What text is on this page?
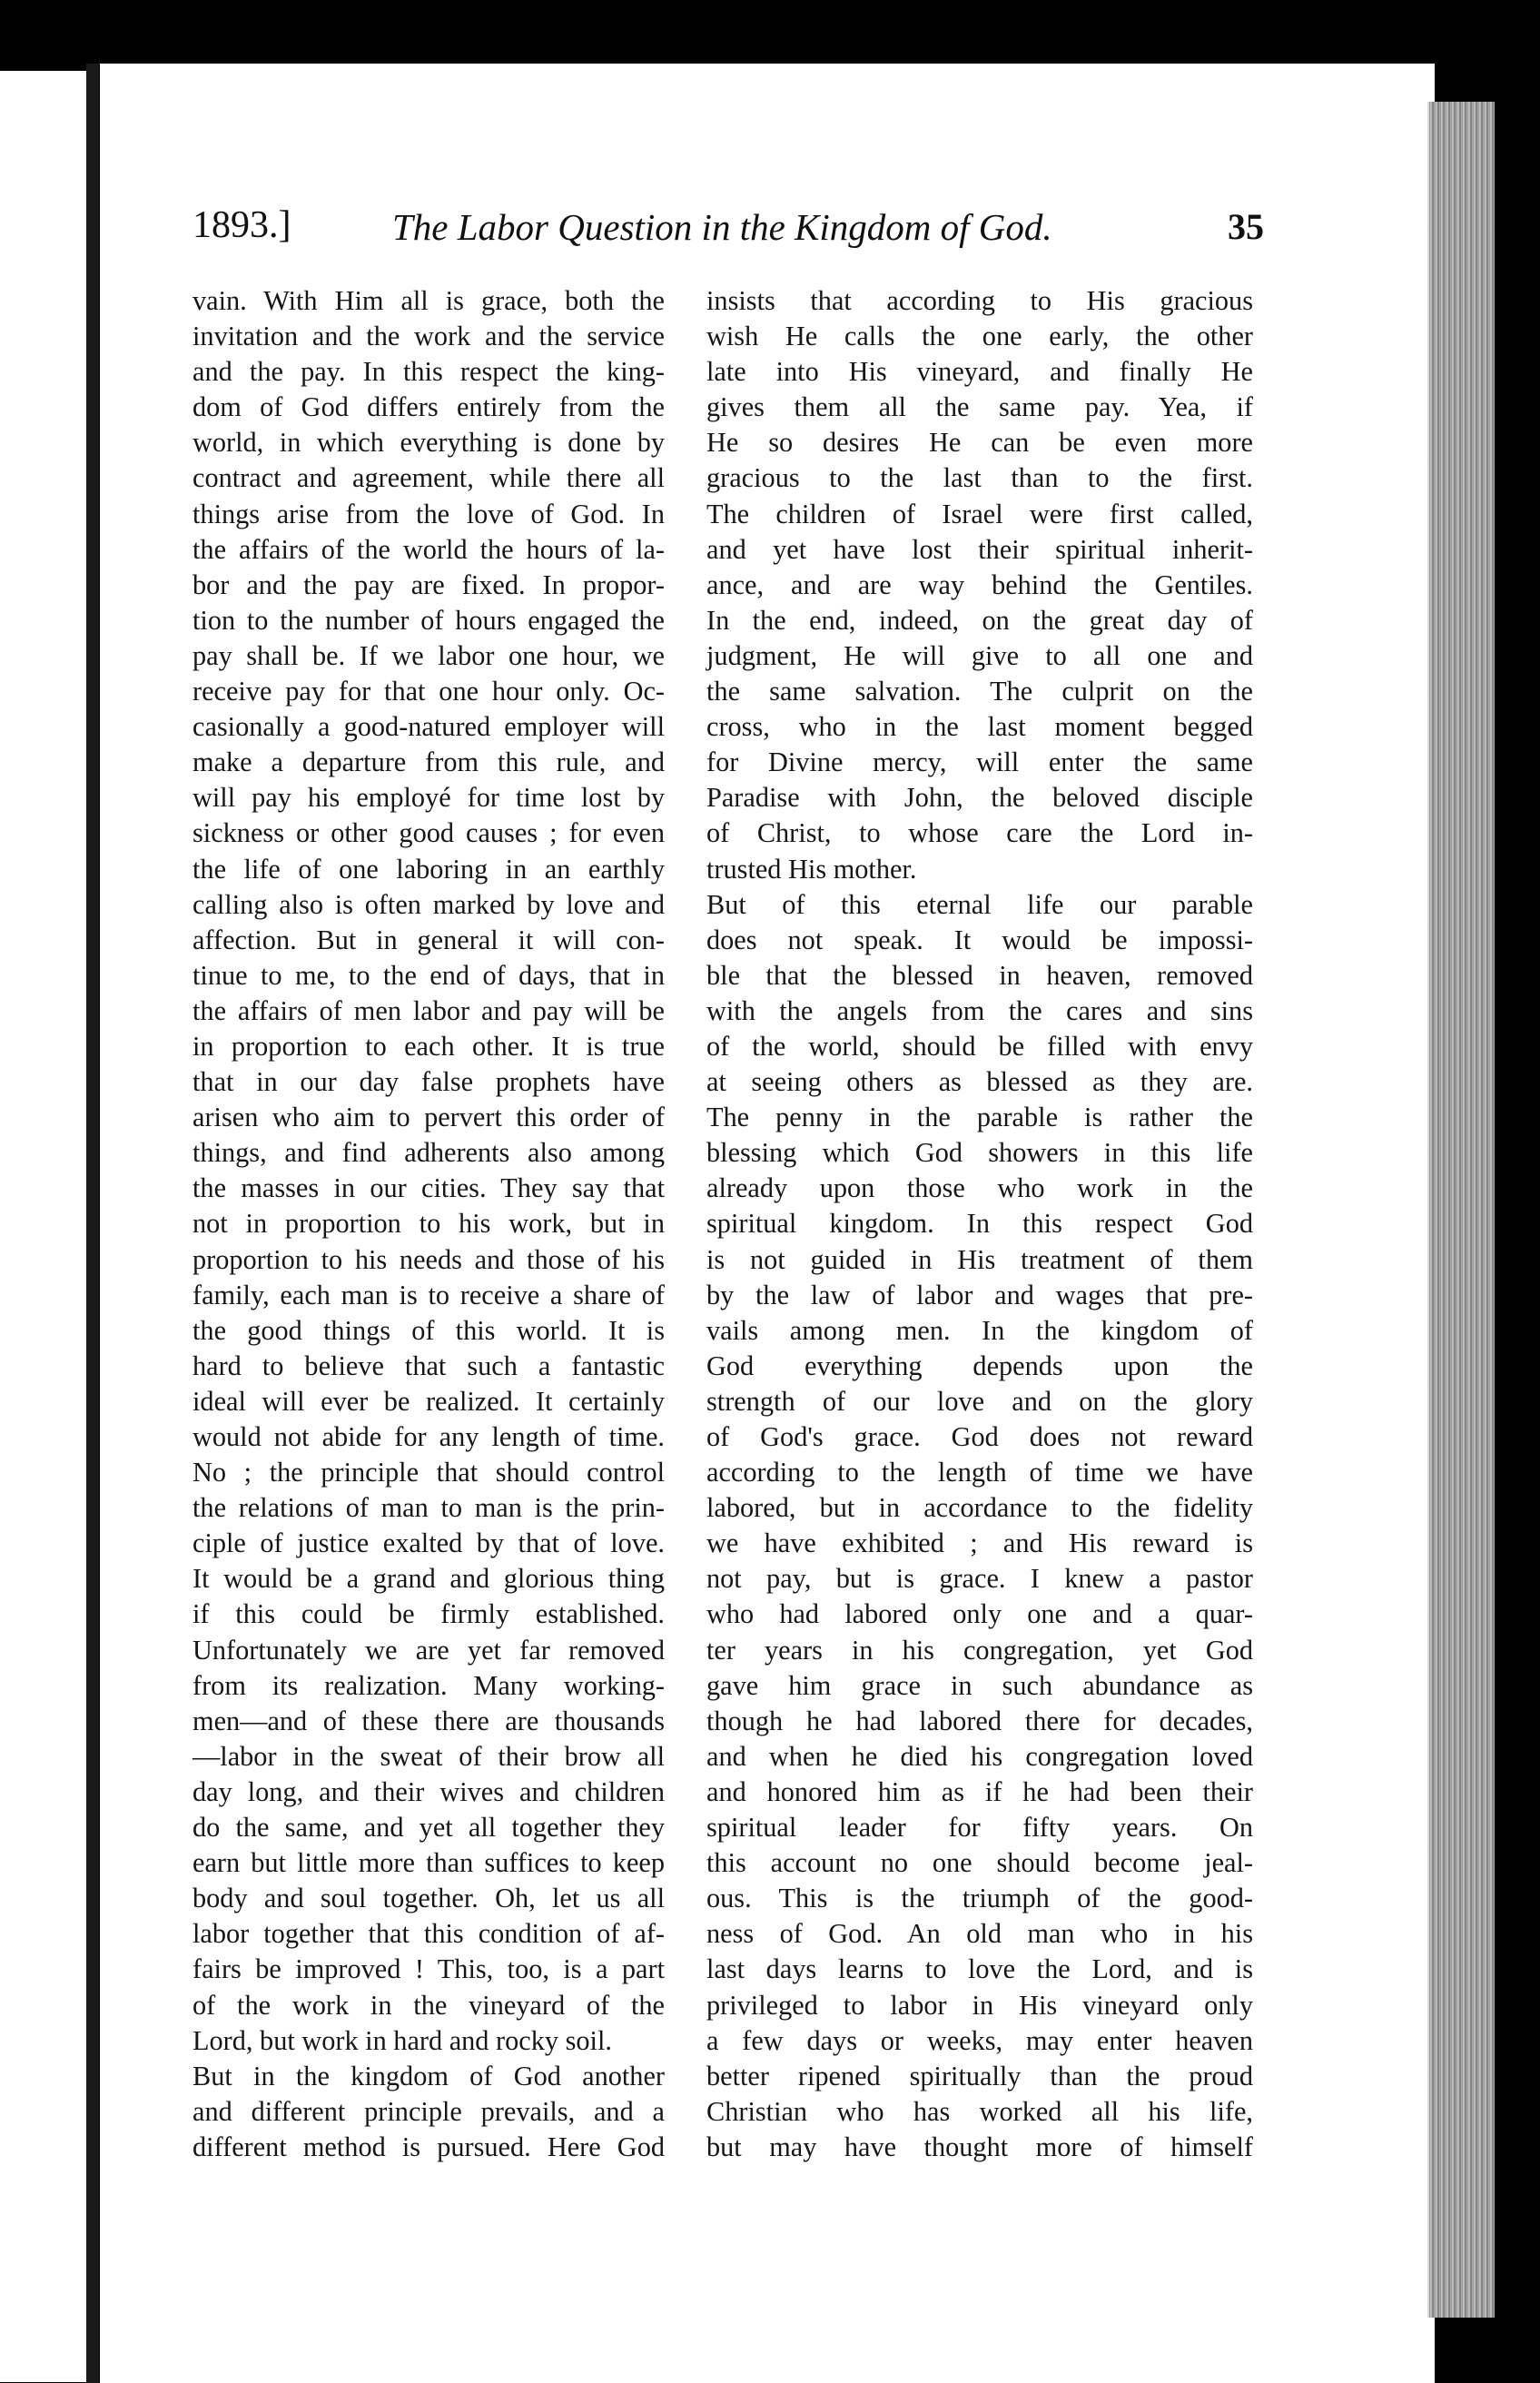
1893.]	The Labor Question in the Kingdom of God.	35
vain. With Him all is grace, both the
invitation and the work and the service
and the pay. In this respect the king-
dom of God differs entirely from the
world, in which everything is done by
contract and agreement, while there all
things arise from the love of God. In
the affairs of the world the hours of la-
bor and the pay are fixed. In propor-
tion to the number of hours engaged the
pay shall be. If we labor one hour, we
receive pay for that one hour only. Oc-
casionally a good-natured employer will
make a departure from this rule, and
will pay his employé for time lost by
sickness or other good causes ; for even
the life of one laboring in an earthly
calling also is often marked by love and
affection. But in general it will con-
tinue to me, to the end of days, that in
the affairs of men labor and pay will be
in proportion to each other. It is true
that in our day false prophets have
arisen who aim to pervert this order of
things, and find adherents also among
the masses in our cities. They say that
not in proportion to his work, but in
proportion to his needs and those of his
family, each man is to receive a share of
the good things of this world. It is
hard to believe that such a fantastic
ideal will ever be realized. It certainly
would not abide for any length of time.
No ; the principle that should control
the relations of man to man is the prin-
ciple of justice exalted by that of love.
It would be a grand and glorious thing
if this could be firmly established.
Unfortunately we are yet far removed
from its realization. Many working-
men—and of these there are thousands
—labor in the sweat of their brow all
day long, and their wives and children
do the same, and yet all together they
earn but little more than suffices to keep
body and soul together. Oh, let us all
labor together that this condition of af-
fairs be improved ! This, too, is a part
of the work in the vineyard of the
Lord, but work in hard and rocky soil.
But in the kingdom of God another
and different principle prevails, and a
different method is pursued. Here God
insists that according to His gracious
wish He calls the one early, the other
late into His vineyard, and finally He
gives them all the same pay. Yea, if
He so desires He can be even more
gracious to the last than to the first.
The children of Israel were first called,
and yet have lost their spiritual inherit-
ance, and are way behind the Gentiles.
In the end, indeed, on the great day of
judgment, He will give to all one and
the same salvation. The culprit on the
cross, who in the last moment begged
for Divine mercy, will enter the same
Paradise with John, the beloved disciple
of Christ, to whose care the Lord in-
trusted His mother.
But of this eternal life our parable
does not speak. It would be impossi-
ble that the blessed in heaven, removed
with the angels from the cares and sins
of the world, should be filled with envy
at seeing others as blessed as they are.
The penny in the parable is rather the
blessing which God showers in this life
already upon those who work in the
spiritual kingdom. In this respect God
is not guided in His treatment of them
by the law of labor and wages that pre-
vails among men. In the kingdom of
God everything depends upon the
strength of our love and on the glory
of God's grace. God does not reward
according to the length of time we have
labored, but in accordance to the fidelity
we have exhibited ; and His reward is
not pay, but is grace. I knew a pastor
who had labored only one and a quar-
ter years in his congregation, yet God
gave him grace in such abundance as
though he had labored there for decades,
and when he died his congregation loved
and honored him as if he had been their
spiritual leader for fifty years. On
this account no one should become jeal-
ous. This is the triumph of the good-
ness of God. An old man who in his
last days learns to love the Lord, and is
privileged to labor in His vineyard only
a few days or weeks, may enter heaven
better ripened spiritually than the proud
Christian who has worked all his life,
but may have thought more of himself
